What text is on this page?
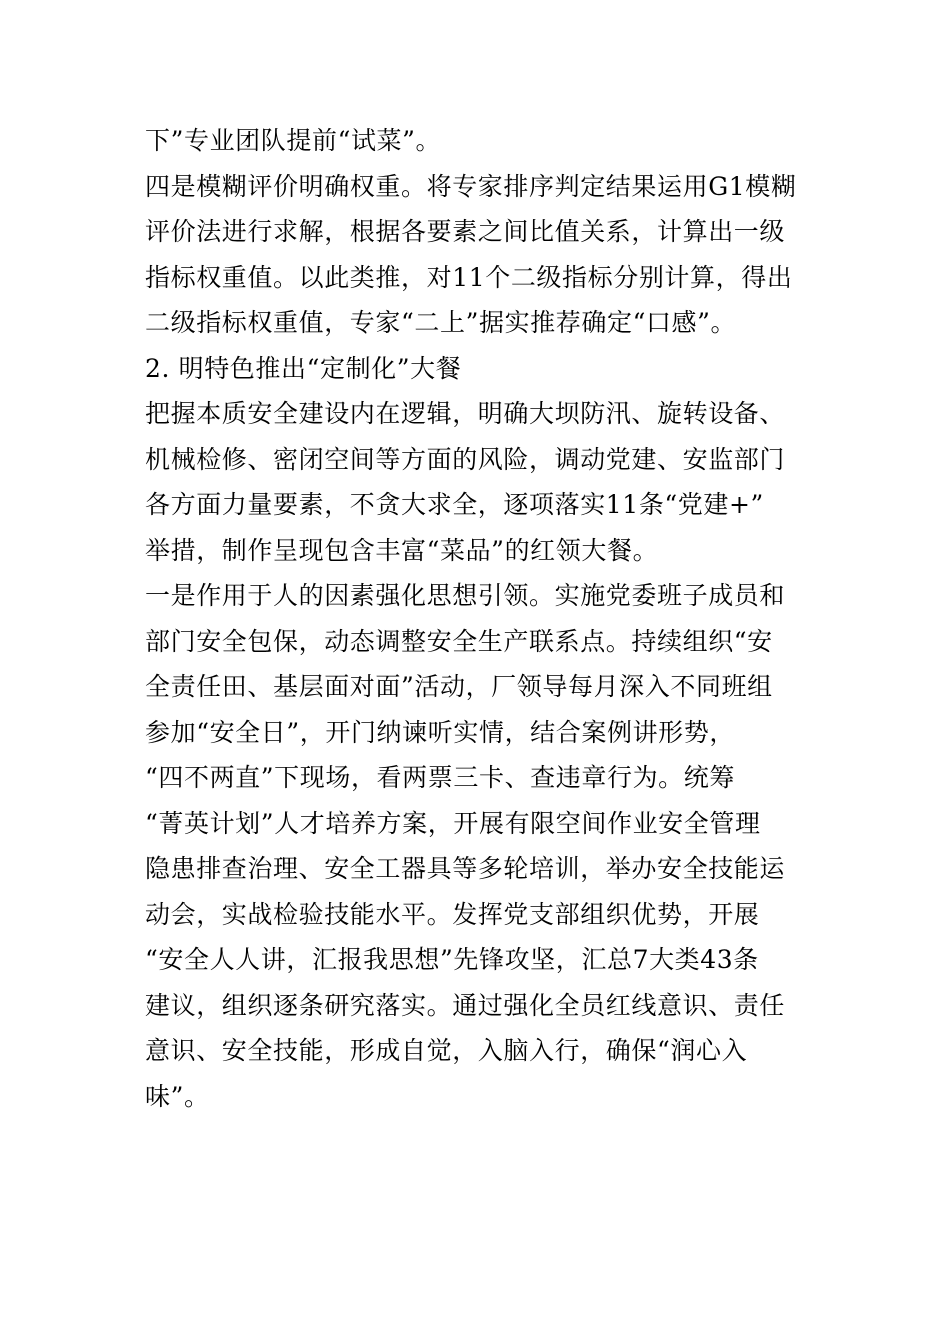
下”专业团队提前“试菜”。
四是模糊评价明确权重。将专家排序判定结果运用G1模糊
评价法进行求解，根据各要素之间比值关系，计算出一级
指标权重值。以此类推，对11个二级指标分别计算，得出
二级指标权重值，专家“二上”据实推荐确定“口感”。
2. 明特色推出“定制化”大餐
把握本质安全建设内在逻辑，明确大坝防汛、旋转设备、
机械检修、密闭空间等方面的风险，调动党建、安监部门
各方面力量要素，不贪大求全，逐项落实11条“党建+”
举措，制作呈现包含丰富“菜品”的红领大餐。
一是作用于人的因素强化思想引领。实施党委班子成员和
部门安全包保，动态调整安全生产联系点。持续组织“安
全责任田、基层面对面”活动，厂领导每月深入不同班组
参加“安全日”，开门纳谏听实情，结合案例讲形势，
“四不两直”下现场，看两票三卡、查违章行为。统筹
“菁英计划”人才培养方案，开展有限空间作业安全管理
隐患排查治理、安全工器具等多轮培训，举办安全技能运
动会，实战检验技能水平。发挥党支部组织优势，开展
“安全人人讲，汇报我思想”先锋攻坚，汇总7大类43条
建议，组织逐条研究落实。通过强化全员红线意识、责任
意识、安全技能，形成自觉，入脑入行，确保“润心入
味”。
